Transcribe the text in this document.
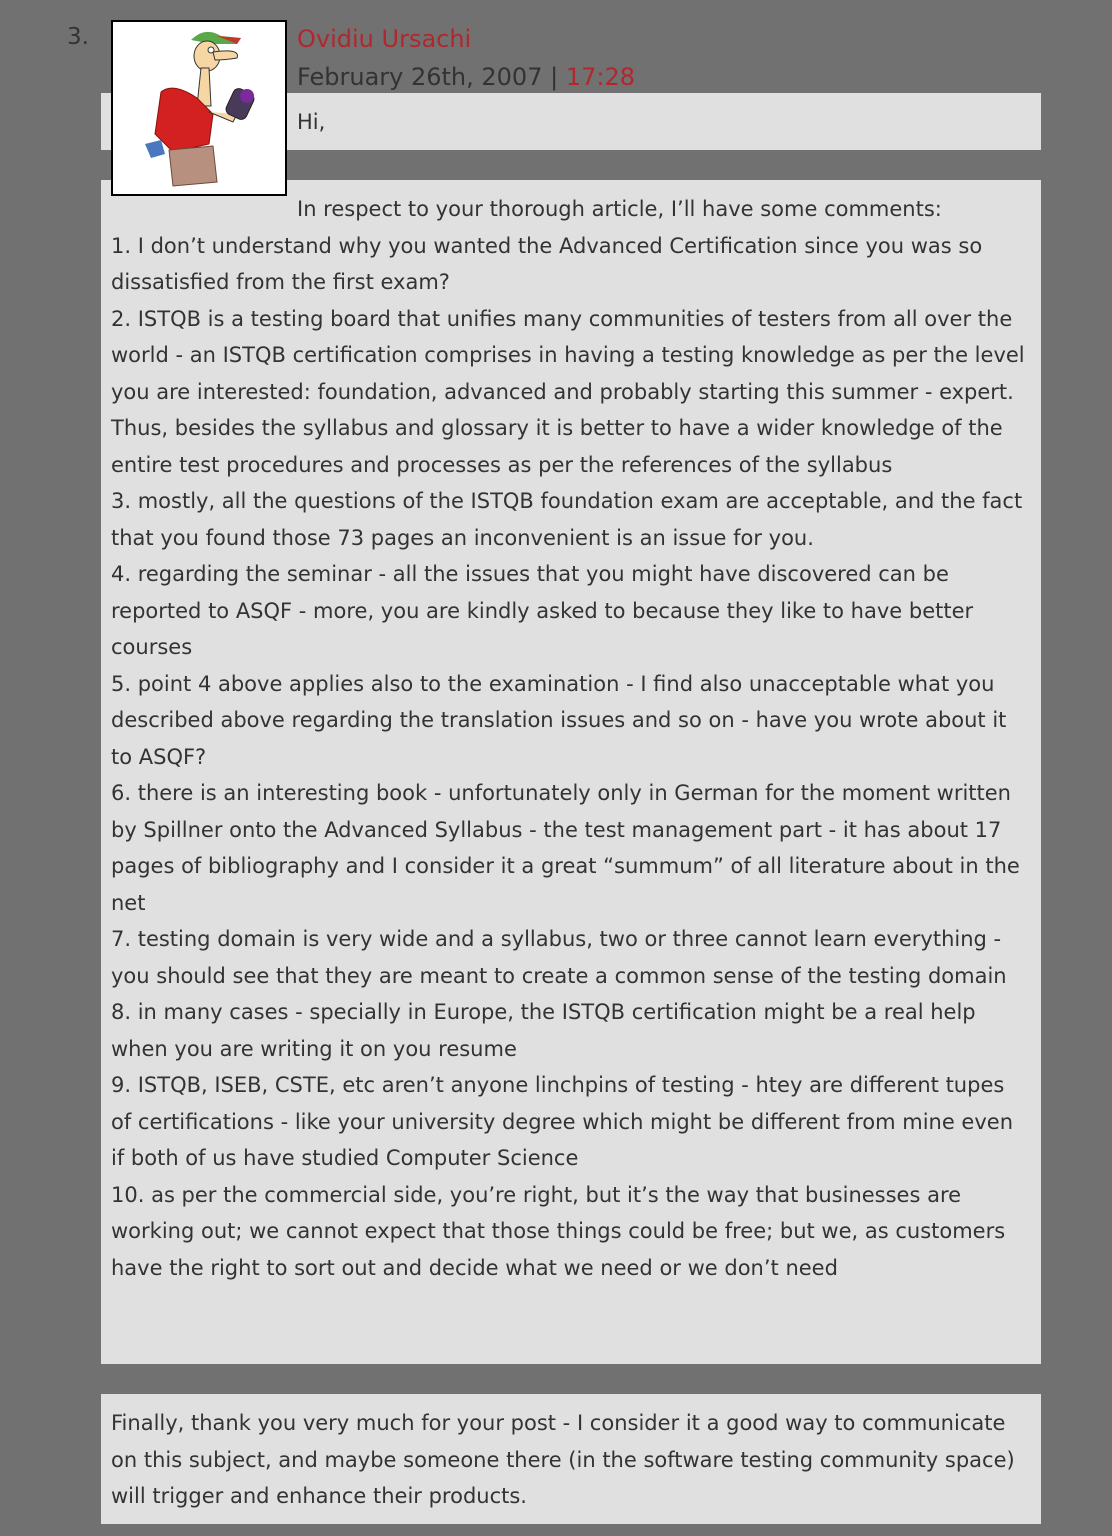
3.	Ovidiu Ursachi
February 26th, 2007 | 17:28

Hi,

In respect to your thorough article, I’ll have some comments:

1. I don’t understand why you wanted the Advanced Certification since you was so dissatisfied from the first exam?

2. ISTQB is a testing board that unifies many communities of testers from all over the world - an ISTQB certification comprises in having a testing knowledge as per the level you are interested: foundation, advanced and probably starting this summer - expert. Thus, besides the syllabus and glossary it is better to have a wider knowledge of the entire test procedures and processes as per the references of the syllabus

3. mostly, all the questions of the ISTQB foundation exam are acceptable, and the fact that you found those 73 pages an inconvenient is an issue for you.

4. regarding the seminar - all the issues that you might have discovered can be reported to ASQF - more, you are kindly asked to because they like to have better courses

5. point 4 above applies also to the examination - I find also unacceptable what you described above regarding the translation issues and so on - have you wrote about it to ASQF?

6. there is an interesting book - unfortunately only in German for the moment written by Spillner onto the Advanced Syllabus - the test management part - it has about 17 pages of bibliography and I consider it a great “summum” of all literature about in the net

7. testing domain is very wide and a syllabus, two or three cannot learn everything - you should see that they are meant to create a common sense of the testing domain

8. in many cases - specially in Europe, the ISTQB certification might be a real help when you are writing it on you resume

9. ISTQB, ISEB, CSTE, etc aren’t anyone linchpins of testing - htey are different tupes of certifications - like your university degree which might be different from mine even if both of us have studied Computer Science

10. as per the commercial side, you’re right, but it’s the way that businesses are working out; we cannot expect that those things could be free; but we, as customers have the right to sort out and decide what we need or we don’t need

Finally, thank you very much for your post - I consider it a good way to communicate on this subject, and maybe someone there (in the software testing community space) will trigger and enhance their products.
